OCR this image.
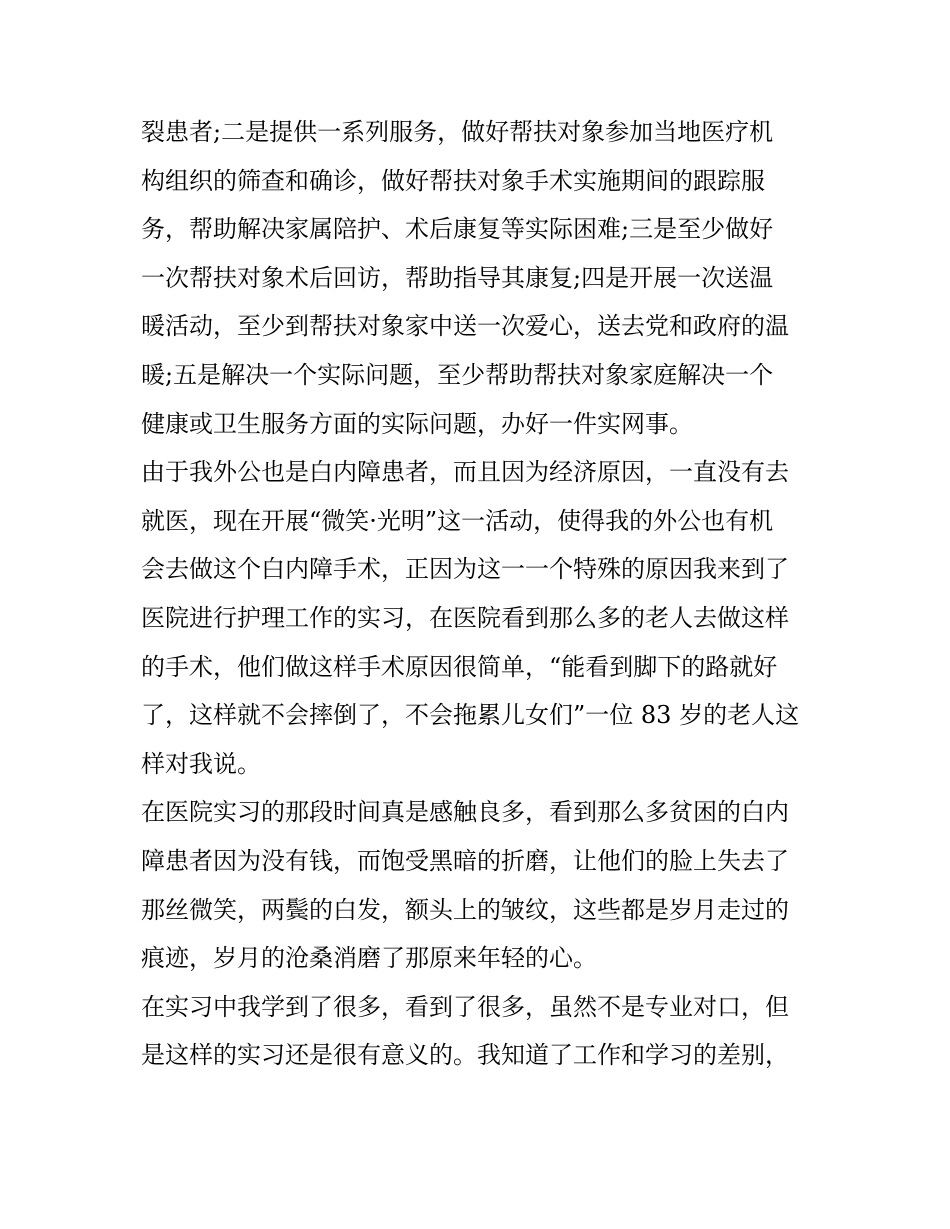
裂患者;二是提供一系列服务，做好帮扶对象参加当地医疗机
构组织的筛查和确诊，做好帮扶对象手术实施期间的跟踪服
务，帮助解决家属陪护、术后康复等实际困难;三是至少做好
一次帮扶对象术后回访，帮助指导其康复;四是开展一次送温
暖活动，至少到帮扶对象家中送一次爱心，送去党和政府的温
暖;五是解决一个实际问题，至少帮助帮扶对象家庭解决一个
健康或卫生服务方面的实际问题，办好一件实网事。
由于我外公也是白内障患者，而且因为经济原因，一直没有去
就医，现在开展“微笑·光明”这一活动，使得我的外公也有机
会去做这个白内障手术，正因为这一一个特殊的原因我来到了
医院进行护理工作的实习，在医院看到那么多的老人去做这样
的手术，他们做这样手术原因很简单，“能看到脚下的路就好
了，这样就不会摔倒了，不会拖累儿女们”一位 83 岁的老人这
样对我说。
在医院实习的那段时间真是感触良多，看到那么多贫困的白内
障患者因为没有钱，而饱受黑暗的折磨，让他们的脸上失去了
那丝微笑，两鬓的白发，额头上的皱纹，这些都是岁月走过的
痕迹，岁月的沧桑消磨了那原来年轻的心。
在实习中我学到了很多，看到了很多，虽然不是专业对口，但
是这样的实习还是很有意义的。我知道了工作和学习的差别，
